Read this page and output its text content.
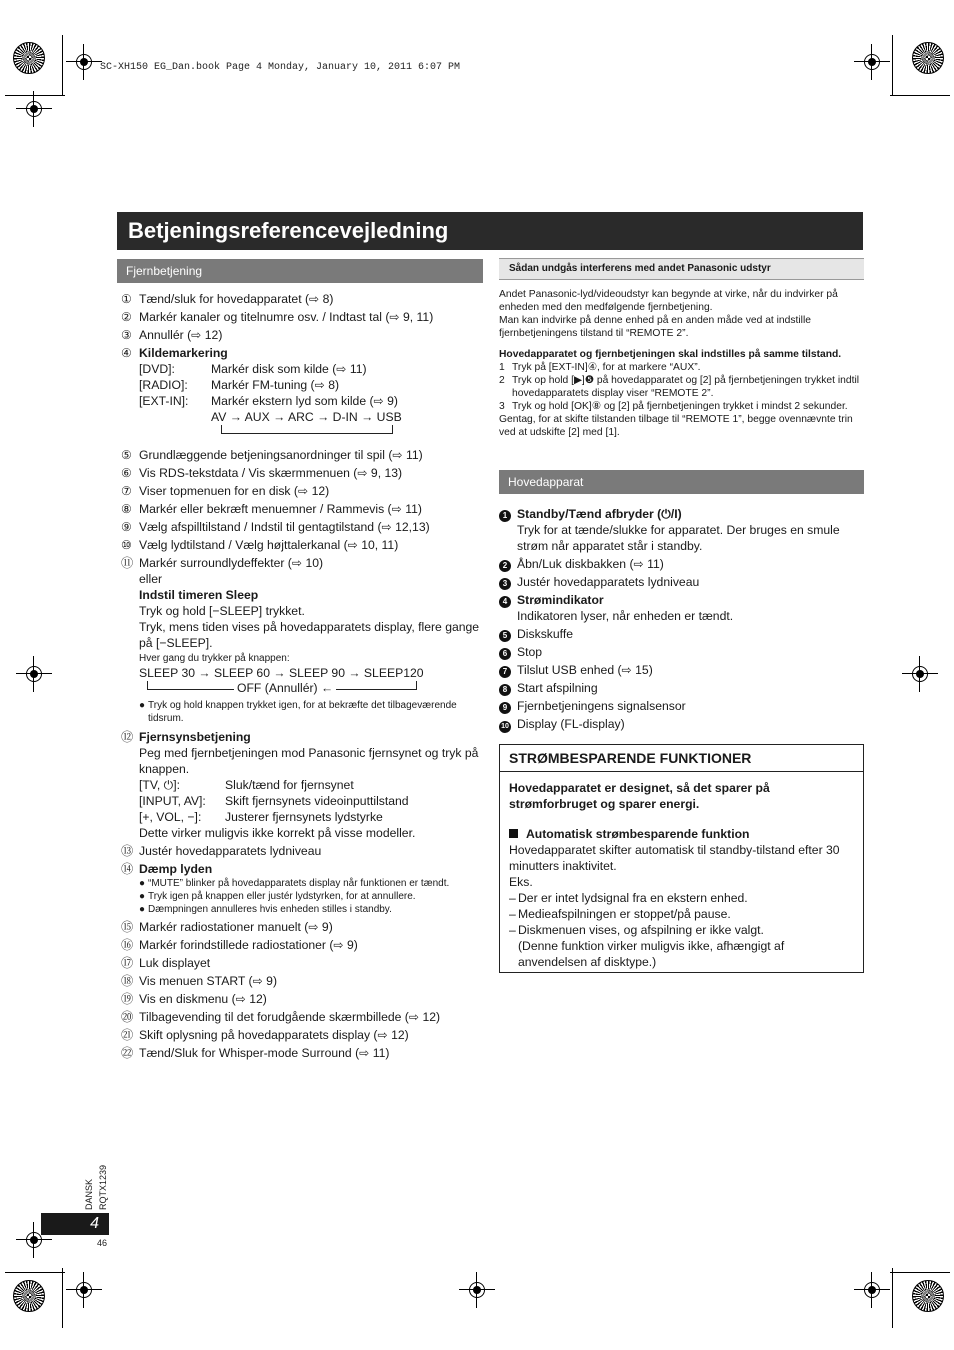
SC-XH150 EG_Dan.book Page 4 Monday, January 10, 2011 6:07 PM
Betjeningsreferencevejledning
Fjernbetjening
① Tænd/sluk for hovedapparatet (⇨ 8)
② Markér kanaler og titelnumre osv. / Indtast tal (⇨ 9, 11)
③ Annullér (⇨ 12)
④ Kildemarkering
[DVD]:	Markér disk som kilde (⇨ 11)
[RADIO]: Markér FM-tuning (⇨ 8)
[EXT-IN]: Markér ekstern lyd som kilde (⇨ 9)
AV → AUX → ARC → D-IN → USB
⑤ Grundlæggende betjeningsanordninger til spil (⇨ 11)
⑥ Vis RDS-tekstdata / Vis skærmmenuen (⇨ 9, 13)
⑦ Viser topmenuen for en disk (⇨ 12)
⑧ Markér eller bekræft menuemner / Rammevis (⇨ 11)
⑨ Vælg afspilltilstand / Indstil til gentagtilstand (⇨ 12,13)
⑩ Vælg lydtilstand / Vælg højttalerkanal (⇨ 10, 11)
⑪ Markér surroundlydeffekter (⇨ 10)
eller
Indstil timeren Sleep
Tryk og hold [−SLEEP] trykket.
Tryk, mens tiden vises på hovedapparatets display, flere gange på [−SLEEP].
Hver gang du trykker på knappen:
SLEEP 30 → SLEEP 60 → SLEEP 90 → SLEEP120
OFF (Annullér) ←
● Tryk og hold knappen trykket igen, for at bekræfte det tilbageværende tidsrum.
⑫ Fjernsynsbetjening
Peg med fjernbetjeningen mod Panasonic fjernsynet og tryk på knappen.
[TV, ⏻]:	Sluk/tænd for fjernsynet
[INPUT, AV]: Skift fjernsynets videoinputtilstand
[+, VOL, −]: Justerer fjernsynets lydstyrke
Dette virker muligvis ikke korrekt på visse modeller.
⑬ Justér hovedapparatets lydniveau
⑭ Dæmp lyden
● “MUTE” blinker på hovedapparatets display når funktionen er tændt.
● Tryk igen på knappen eller justér lydstyrken, for at annullere.
● Dæmpningen annulleres hvis enheden stilles i standby.
⑮ Markér radiostationer manuelt (⇨ 9)
⑯ Markér forindstillede radiostationer (⇨ 9)
⑰ Luk displayet
⑱ Vis menuen START (⇨ 9)
⑲ Vis en diskmenu (⇨ 12)
⑳ Tilbagevending til det forudgående skærmbillede (⇨ 12)
㉑ Skift oplysning på hovedapparatets display (⇨ 12)
㉒ Tænd/Sluk for Whisper-mode Surround (⇨ 11)
Sådan undgås interferens med andet Panasonic udstyr
Andet Panasonic-lyd/videoudstyr kan begynde at virke, når du indvirker på enheden med den medfølgende fjernbetjening.
Man kan indvirke på denne enhed på en anden måde ved at indstille fjernbetjeningens tilstand til “REMOTE 2”.
Hovedapparatet og fjernbetjeningen skal indstilles på samme tilstand.
1 Tryk på [EXT-IN]④, for at markere “AUX”.
2 Tryk op hold [▶]❺ på hovedapparatet og [2] på fjernbetjeningen trykket indtil hovedapparatets display viser “REMOTE 2”.
3 Tryk og hold [OK]⑧ og [2] på fjernbetjeningen trykket i mindst 2 sekunder.
Gentag, for at skifte tilstanden tilbage til “REMOTE 1”, begge ovennævnte trin ved at udskifte [2] med [1].
Hovedapparat
1 Standby/Tænd afbryder (⏻/I)
Tryk for at tænde/slukke for apparatet. Der bruges en smule strøm når apparatet står i standby.
2 Åbn/Luk diskbakken (⇨ 11)
3 Justér hovedapparatets lydniveau
4 Strømindikator
Indikatoren lyser, når enheden er tændt.
5 Diskskuffe
6 Stop
7 Tilslut USB enhed (⇨ 15)
8 Start afspilning
9 Fjernbetjeningens signalsensor
10 Display (FL-display)
STRØMBESPARENDE FUNKTIONER
Hovedapparatet er designet, så det sparer på strømforbruget og sparer energi.
Automatisk strømbesparende funktion
Hovedapparatet skifter automatisk til standby-tilstand efter 30 minutters inaktivitet.
Eks.
– Der er intet lydsignal fra en ekstern enhed.
– Medieafspilningen er stoppet/på pause.
– Diskmenuen vises, og afspilning er ikke valgt.
(Denne funktion virker muligvis ikke, afhængigt af anvendelsen af disktype.)
DANSK RQTX1239
4
46
